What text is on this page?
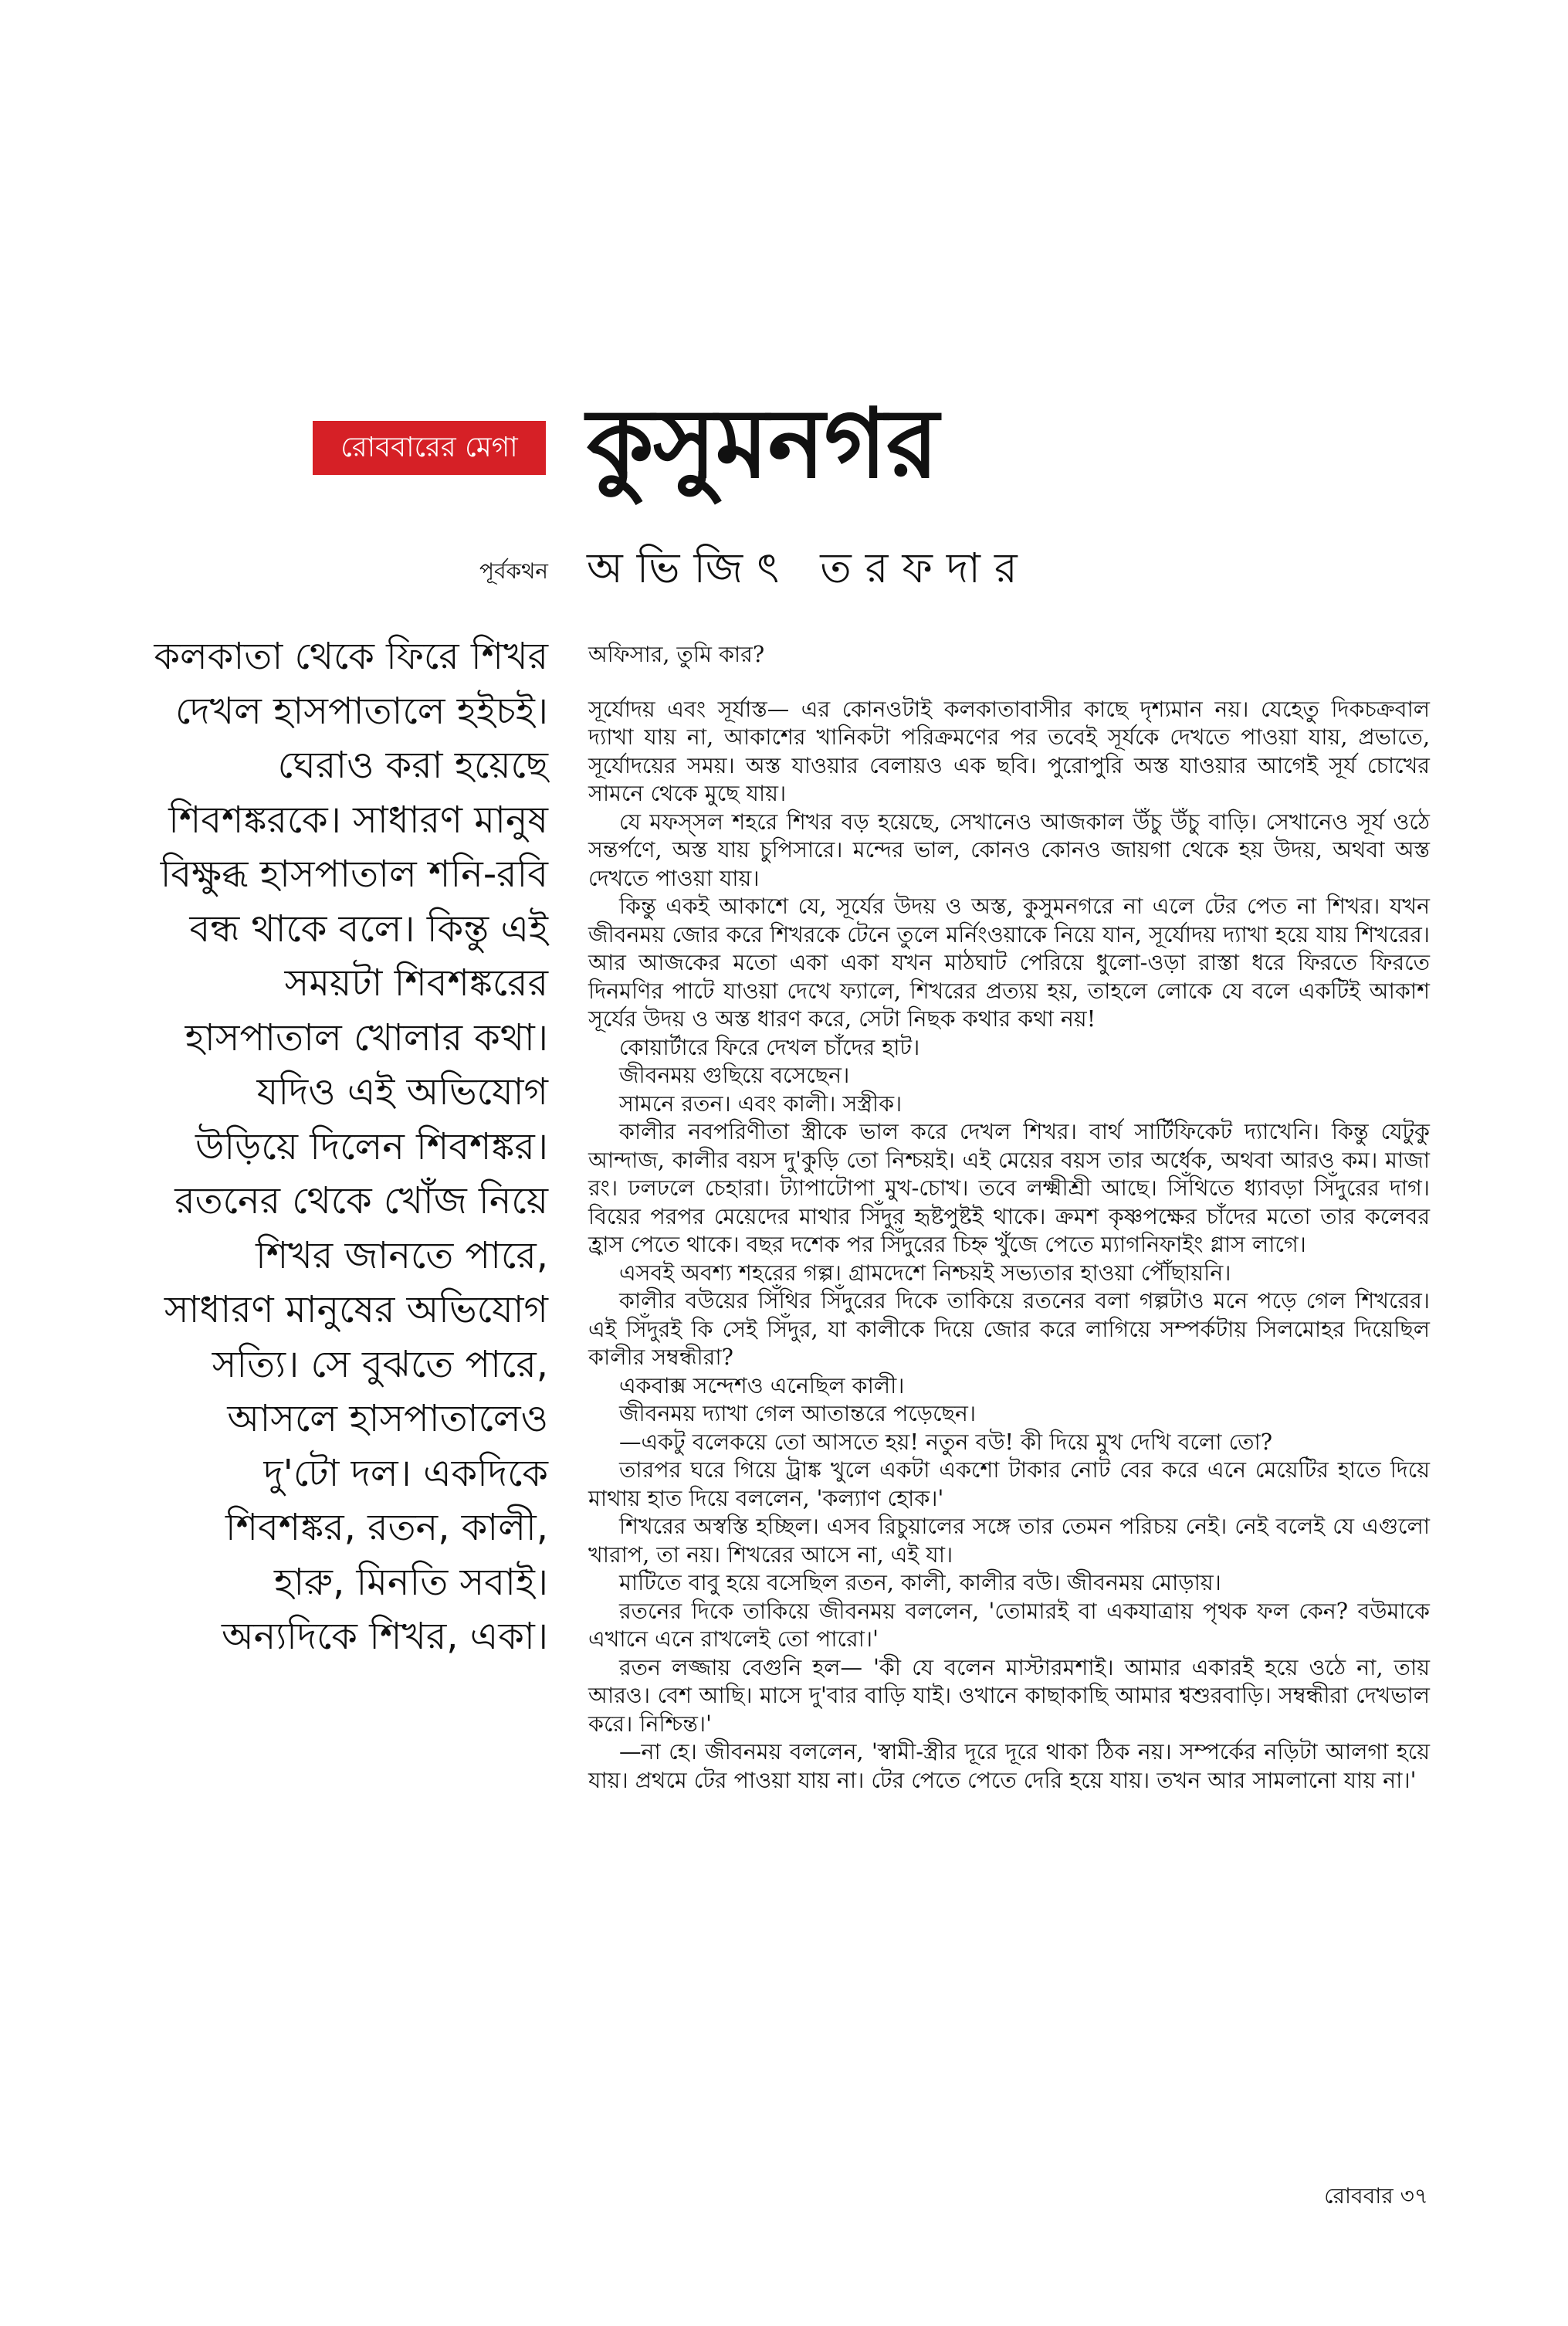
রোববারের মেগা কুসুমনগর
পূর্বকথন অভিজিৎ তরফদার
কলকাতা থেকে ফিরে শিখর দেখল হাসপাতালে হইচই। ঘেরাও করা হয়েছে শিবশঙ্করকে। সাধারণ মানুষ বিক্ষুব্ধ হাসপাতাল শনি-রবি বন্ধ থাকে বলে। কিন্তু এই সময়টা শিবশঙ্করের হাসপাতাল খোলার কথা। যদিও এই অভিযোগ উড়িয়ে দিলেন শিবশঙ্কর। রতনের থেকে খোঁজ নিয়ে শিখর জানতে পারে, সাধারণ মানুষের অভিযোগ সত্যি। সে বুঝতে পারে, আসলে হাসপাতালেও দু'টো দল। একদিকে শিবশঙ্কর, রতন, কালী, হারু, মিনতি সবাই। অন্যদিকে শিখর, একা।
অফিসার, তুমি কার?

সূর্যোদয় এবং সূর্যাস্ত— এর কোনওটাই কলকাতাবাসীর কাছে দৃশ্যমান নয়। যেহেতু দিকচক্রবাল দ্যাখা যায় না, আকাশের খানিকটা পরিক্রমণের পর তবেই সূর্যকে দেখতে পাওয়া যায়, প্রভাতে, সূর্যোদয়ের সময়। অস্ত যাওয়ার বেলায়ও এক ছবি। পুরোপুরি অস্ত যাওয়ার আগেই সূর্য চোখের সামনে থেকে মুছে যায়।

যে মফস্সল শহরে শিখর বড় হয়েছে, সেখানেও আজকাল উঁচু উঁচু বাড়ি। সেখানেও সূর্য ওঠে সন্তর্পণে, অস্ত যায় চুপিসারে। মন্দের ভাল, কোনও কোনও জায়গা থেকে হয় উদয়, অথবা অস্ত দেখতে পাওয়া যায়।

কিন্তু একই আকাশে যে, সূর্যের উদয় ও অস্ত, কুসুমনগরে না এলে টের পেত না শিখর। যখন জীবনময় জোর করে শিখরকে টেনে তুলে মর্নিংওয়াকে নিয়ে যান, সূর্যোদয় দ্যাখা হয়ে যায় শিখরের। আর আজকের মতো একা একা যখন মাঠঘাট পেরিয়ে ধুলো-ওড়া রাস্তা ধরে ফিরতে ফিরতে দিনমণির পাটে যাওয়া দেখে ফ্যালে, শিখরের প্রত্যয় হয়, তাহলে লোকে যে বলে একটিই আকাশ সূর্যের উদয় ও অস্ত ধারণ করে, সেটা নিছক কথার কথা নয়!

কোয়ার্টারে ফিরে দেখল চাঁদের হাট।

জীবনময় গুছিয়ে বসেছেন।

সামনে রতন। এবং কালী। সস্ত্রীক।

কালীর নবপরিণীতা স্ত্রীকে ভাল করে দেখল শিখর। বার্থ সার্টিফিকেট দ্যাখেনি। কিন্তু যেটুকু আন্দাজ, কালীর বয়স দু'কুড়ি তো নিশ্চয়ই। এই মেয়ের বয়স তার অর্ধেক, অথবা আরও কম। মাজা রং। ঢলঢলে চেহারা। ট্যাপাটোপা মুখ-চোখ। তবে লক্ষ্মীশ্রী আছে। সিঁথিতে ধ্যাবড়া সিঁদুরের দাগ। বিয়ের পরপর মেয়েদের মাথার সিঁদুর হৃষ্টপুষ্টই থাকে। ক্রমশ কৃষ্ণপক্ষের চাঁদের মতো তার কলেবর হ্রাস পেতে থাকে। বছর দশেক পর সিঁদুরের চিহ্ন খুঁজে পেতে ম্যাগনিফাইং গ্লাস লাগে।

এসবই অবশ্য শহরের গল্প। গ্রামদেশে নিশ্চয়ই সভ্যতার হাওয়া পৌঁছায়নি।

কালীর বউয়ের সিঁথির সিঁদুরের দিকে তাকিয়ে রতনের বলা গল্পটাও মনে পড়ে গেল শিখরের। এই সিঁদুরই কি সেই সিঁদুর, যা কালীকে দিয়ে জোর করে লাগিয়ে সম্পর্কটায় সিলমোহর দিয়েছিল কালীর সম্বন্ধীরা?

একবাক্স সন্দেশও এনেছিল কালী।

জীবনময় দ্যাখা গেল আতান্তরে পড়েছেন।

—একটু বলেকয়ে তো আসতে হয়! নতুন বউ! কী দিয়ে মুখ দেখি বলো তো?

তারপর ঘরে গিয়ে ট্রাঙ্ক খুলে একটা একশো টাকার নোট বের করে এনে মেয়েটির হাতে দিয়ে মাথায় হাত দিয়ে বললেন, 'কল্যাণ হোক।'

শিখরের অস্বস্তি হচ্ছিল। এসব রিচুয়ালের সঙ্গে তার তেমন পরিচয় নেই। নেই বলেই যে এগুলো খারাপ, তা নয়। শিখরের আসে না, এই যা।

মাটিতে বাবু হয়ে বসেছিল রতন, কালী, কালীর বউ। জীবনময় মোড়ায়।

রতনের দিকে তাকিয়ে জীবনময় বললেন, 'তোমারই বা একযাত্রায় পৃথক ফল কেন? বউমাকে এখানে এনে রাখলেই তো পারো।'

রতন লজ্জায় বেগুনি হল— 'কী যে বলেন মাস্টারমশাই। আমার একারই হয়ে ওঠে না, তায় আরও। বেশ আছি। মাসে দু'বার বাড়ি যাই। ওখানে কাছাকাছি আমার শ্বশুরবাড়ি। সম্বন্ধীরা দেখভাল করে। নিশ্চিন্ত।'

—না হে। জীবনময় বললেন, 'স্বামী-স্ত্রীর দূরে দূরে থাকা ঠিক নয়। সম্পর্কের নড়িটা আলগা হয়ে যায়। প্রথমে টের পাওয়া যায় না। টের পেতে পেতে দেরি হয়ে যায়। তখন আর সামলানো যায় না।'

রোববার ৩৭
